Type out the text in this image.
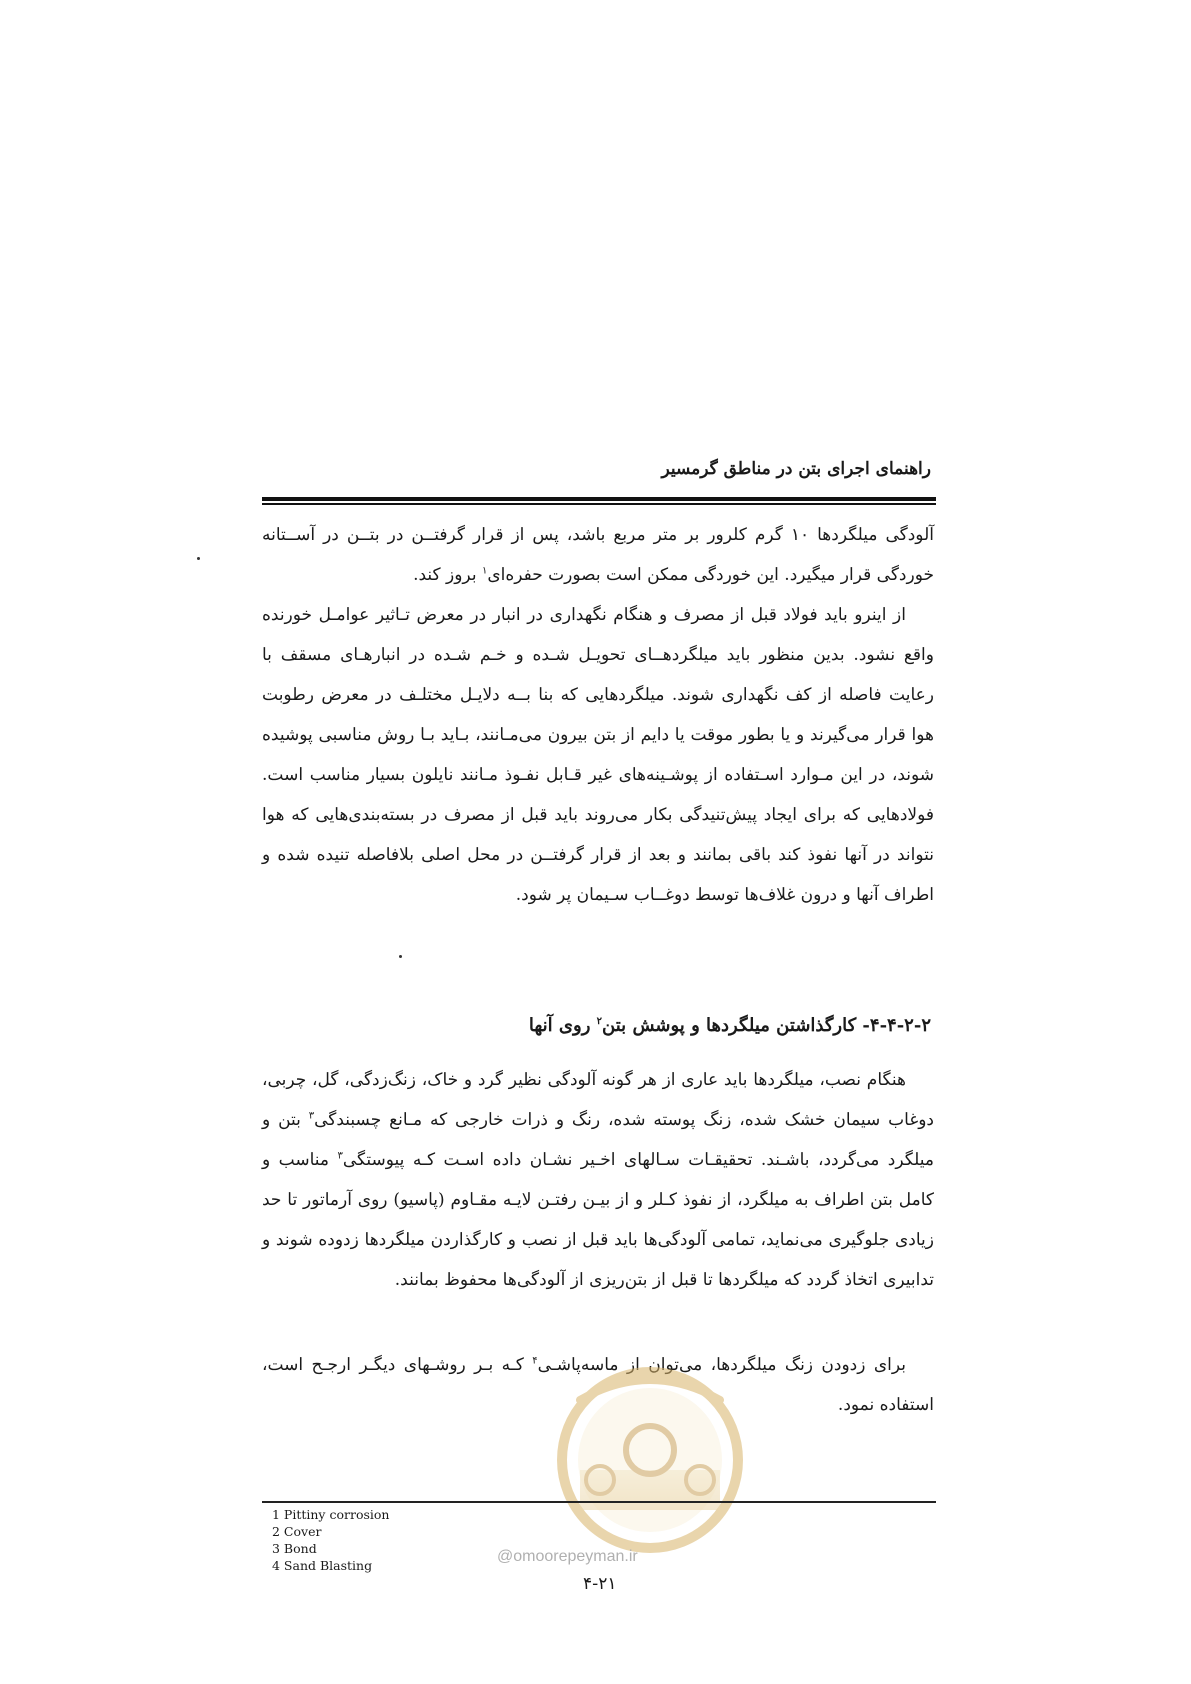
راهنمای اجرای بتن در مناطق گرمسیر

آلودگی میلگردها ۱۰ گرم کلرور بر متر مربع باشد، پس از قرار گرفتــن در بتــن در آســتانه خوردگی قرار میگیرد. این خوردگی ممکن است بصورت حفره‌ای$^۱$ بروز کند.

از اینرو باید فولاد قبل از مصرف و هنگام نگهداری در انبار در معرض تـاثیر عوامـل خورنده واقع نشود. بدین منظور باید میلگردهــای تحویـل شـده و خـم شـده در انبارهـای مسقف با رعایت فاصله از کف نگهداری شوند. میلگردهایی که بنا بــه دلایـل مختلـف در معرض رطوبت هوا قرار می‌گیرند و یا بطور موقت یا دایم از بتن بیرون می‌مـانند، بـاید بـا روش مناسبی پوشیده شوند، در این مـوارد اسـتفاده از پوشـینه‌های غیر قـابل نفـوذ مـانند نایلون بسیار مناسب است. فولادهایی که برای ایجاد پیش‌تنیدگی بکار می‌روند باید قبل از مصرف در بسته‌بندی‌هایی که هوا نتواند در آنها نفوذ کند باقی بمانند و بعد از قرار گرفتــن در محل اصلی بلافاصله تنیده شده و اطراف آنها و درون غلاف‌ها توسط دوغــاب سـیمان پر شود.

۴-۴-۲-۲- کارگذاشتن میلگردها و پوشش بتن$^۲$ روی آنها

هنگام نصب، میلگردها باید عاری از هر گونه آلودگی نظیر گرد و خاک، زنگ‌زدگی، گل، چربی، دوغاب سیمان خشک شده، زنگ پوسته شده، رنگ و ذرات خارجی که مـانع چسبندگی$^۳$ بتن و میلگرد می‌گردد، باشـند. تحقیقـات سـالهای اخـیر نشـان داده اسـت کـه پیوستگی$^۳$ مناسب و کامل بتن اطراف به میلگرد، از نفوذ کـلر و از بیـن رفتـن لایـه مقـاوم (پاسیو) روی آرماتور تا حد زیادی جلوگیری می‌نماید، تمامی آلودگی‌ها باید قبل از نصب و کارگذاردن میلگردها زدوده شوند و تدابیری اتخاذ گردد که میلگردها تا قبل از بتن‌ریزی از آلودگی‌ها محفوظ بمانند.

برای زدودن زنگ میلگردها، می‌توان از ماسه‌پاشـی$^۴$ کـه بـر روشـهای دیگـر ارجـح است، استفاده نمود.

1 Pittiny corrosion
2 Cover
3 Bond
4 Sand Blasting
@omoorepeyman.ir
۴-۲۱
